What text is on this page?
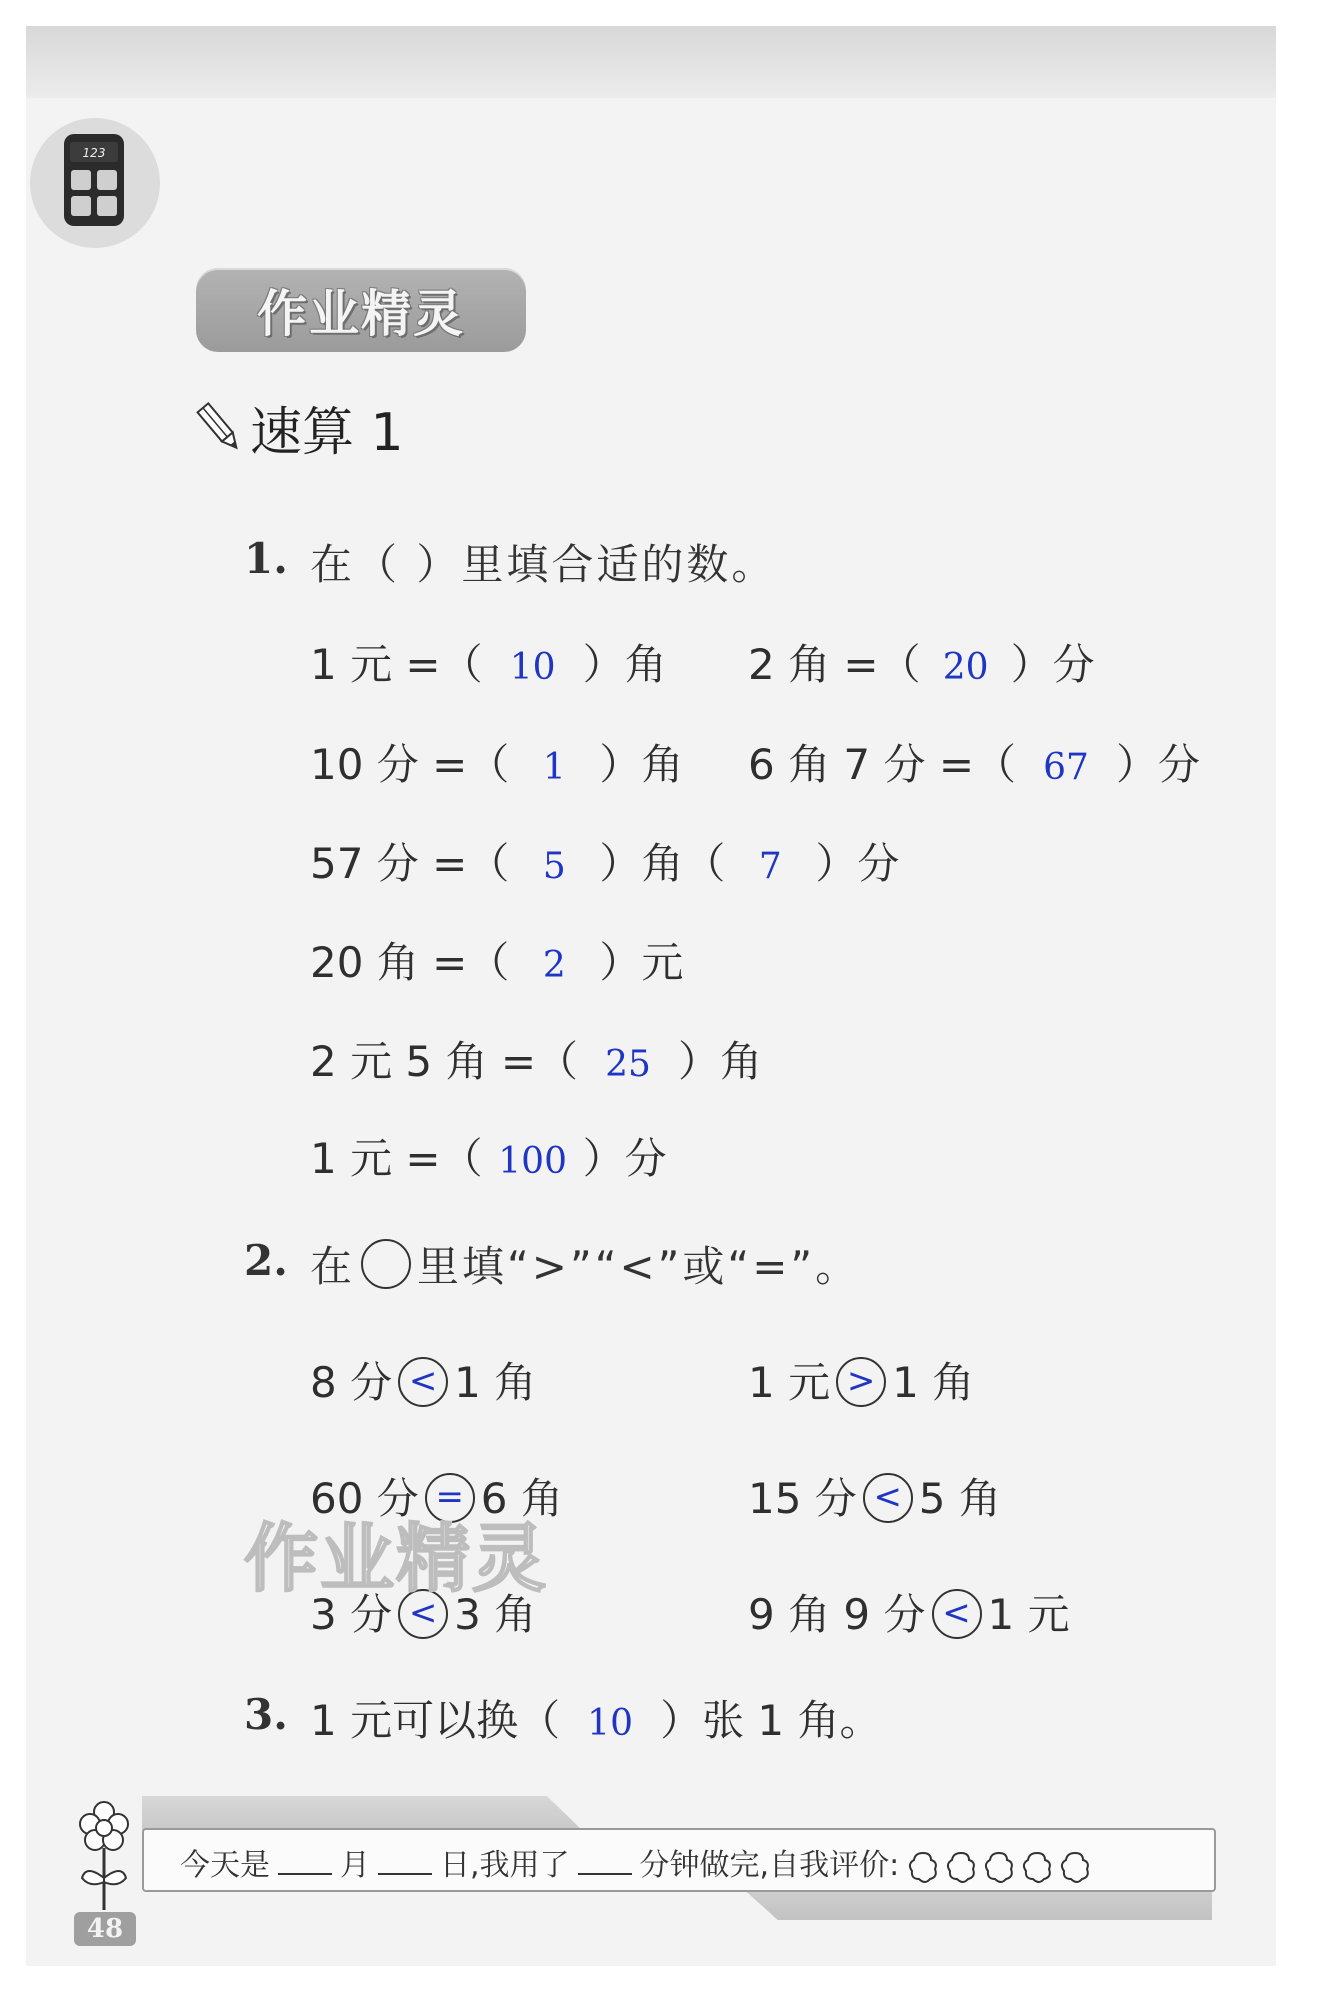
123
作业精灵
速算 1
1. 在（ ）里填合适的数。
1 元 =（ 10 ）角 2 角 =（ 20 ）分
10 分 =（ 1 ）角 6 角 7 分 =（ 67 ）分
57 分 =（ 5 ）角（ 7 ）分
20 角 =（ 2 ）元
2 元 5 角 =（ 25 ）角
1 元 =（ 100 ）分
2. 在 里填“>”“<”或“=”。
8 分 < 1 角	1 元 > 1 角
60 分 = 6 角	15 分 < 5 角
3 分 < 3 角	9 角 9 分 < 1 元
作业精灵
3. 1 元可以换（ 10 ）张 1 角。
今天是 月 日,我用了 分钟做完,自我评价:
48
